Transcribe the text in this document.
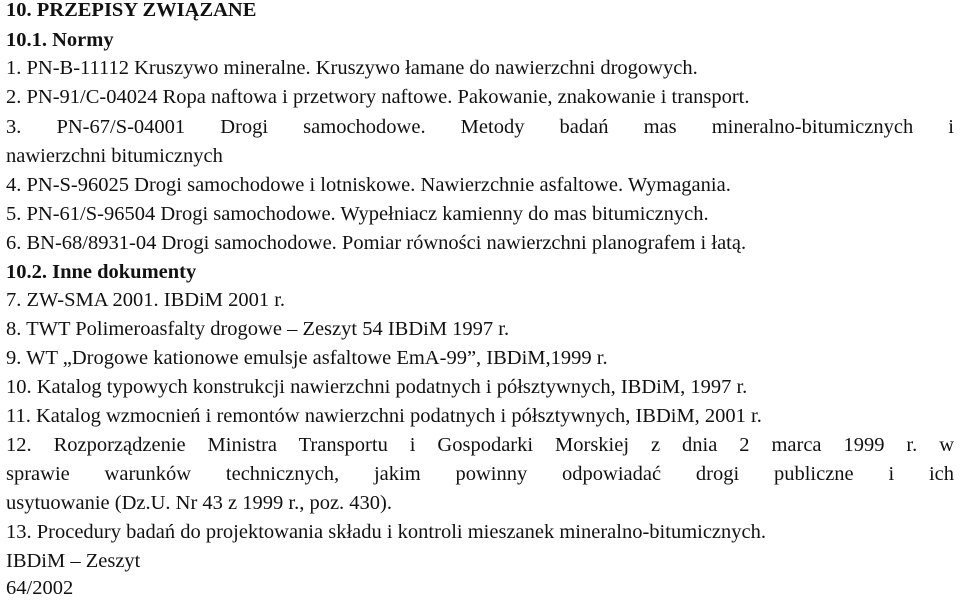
10. PRZEPISY ZWIĄZANE
10.1. Normy
1. PN-B-11112 Kruszywo mineralne. Kruszywo łamane do nawierzchni drogowych.
2. PN-91/C-04024 Ropa naftowa i przetwory naftowe. Pakowanie, znakowanie i transport.
3. PN-67/S-04001 Drogi samochodowe. Metody badań mas mineralno-bitumicznych i
nawierzchni bitumicznych
4. PN-S-96025 Drogi samochodowe i lotniskowe. Nawierzchnie asfaltowe. Wymagania.
5. PN-61/S-96504 Drogi samochodowe. Wypełniacz kamienny do mas bitumicznych.
6. BN-68/8931-04 Drogi samochodowe. Pomiar równości nawierzchni planografem i łatą.
10.2. Inne dokumenty
7. ZW-SMA 2001. IBDiM 2001 r.
8. TWT Polimeroasfalty drogowe – Zeszyt 54 IBDiM 1997 r.
9. WT „Drogowe kationowe emulsje asfaltowe EmA-99”, IBDiM,1999 r.
10. Katalog typowych konstrukcji nawierzchni podatnych i półsztywnych, IBDiM, 1997 r.
11. Katalog wzmocnień i remontów nawierzchni podatnych i półsztywnych, IBDiM, 2001 r.
12. Rozporządzenie Ministra Transportu i Gospodarki Morskiej z dnia 2 marca 1999 r. w
sprawie warunków technicznych, jakim powinny odpowiadać drogi publiczne i ich
usytuowanie (Dz.U. Nr 43 z 1999 r., poz. 430).
13. Procedury badań do projektowania składu i kontroli mieszanek mineralno-bitumicznych.
IBDiM – Zeszyt
64/2002
